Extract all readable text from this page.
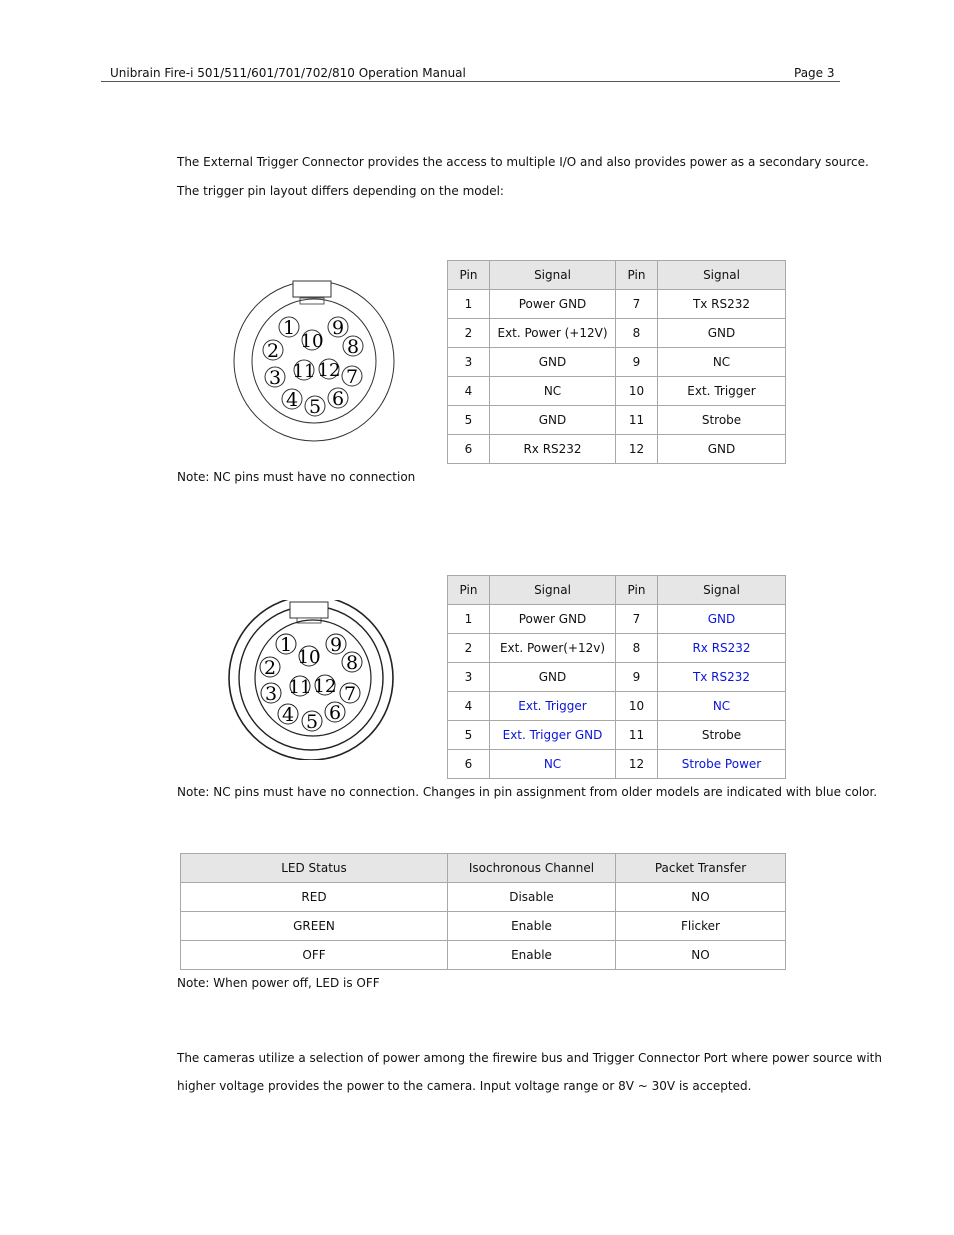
Unibrain Fire-i 501/511/601/701/702/810 Operation Manual	Page 3
The External Trigger Connector provides the access to multiple I/O and also provides power as a secondary source.
The trigger pin layout differs depending on the model:
1
10
9
2	8
11 12
3	7
4 5 6
Pin	Signal	Pin	Signal
1	Power GND	7	Tx RS232
2	Ext. Power (+12V)	8	GND
3	GND	9	NC
4	NC	10	Ext. Trigger
5	GND	11	Strobe
6	Rx RS232	12	GND
Note: NC pins must have no connection
1
10
9
2	8
11 12
3	7
4 5 6
Pin	Signal	Pin	Signal
1	Power GND	7	GND
2	Ext. Power(+12v)	8	Rx RS232
3	GND	9	Tx RS232
4	Ext. Trigger	10	NC
5	Ext. Trigger GND	11	Strobe
6	NC	12	Strobe Power
Note: NC pins must have no connection. Changes in pin assignment from older models are indicated with blue color.
LED Status	Isochronous Channel	Packet Transfer
RED	Disable	NO
GREEN	Enable	Flicker
OFF	Enable	NO
Note: When power off, LED is OFF
The cameras utilize a selection of power among the firewire bus and Trigger Connector Port where power source with
higher voltage provides the power to the camera. Input voltage range or 8V ~ 30V is accepted.
